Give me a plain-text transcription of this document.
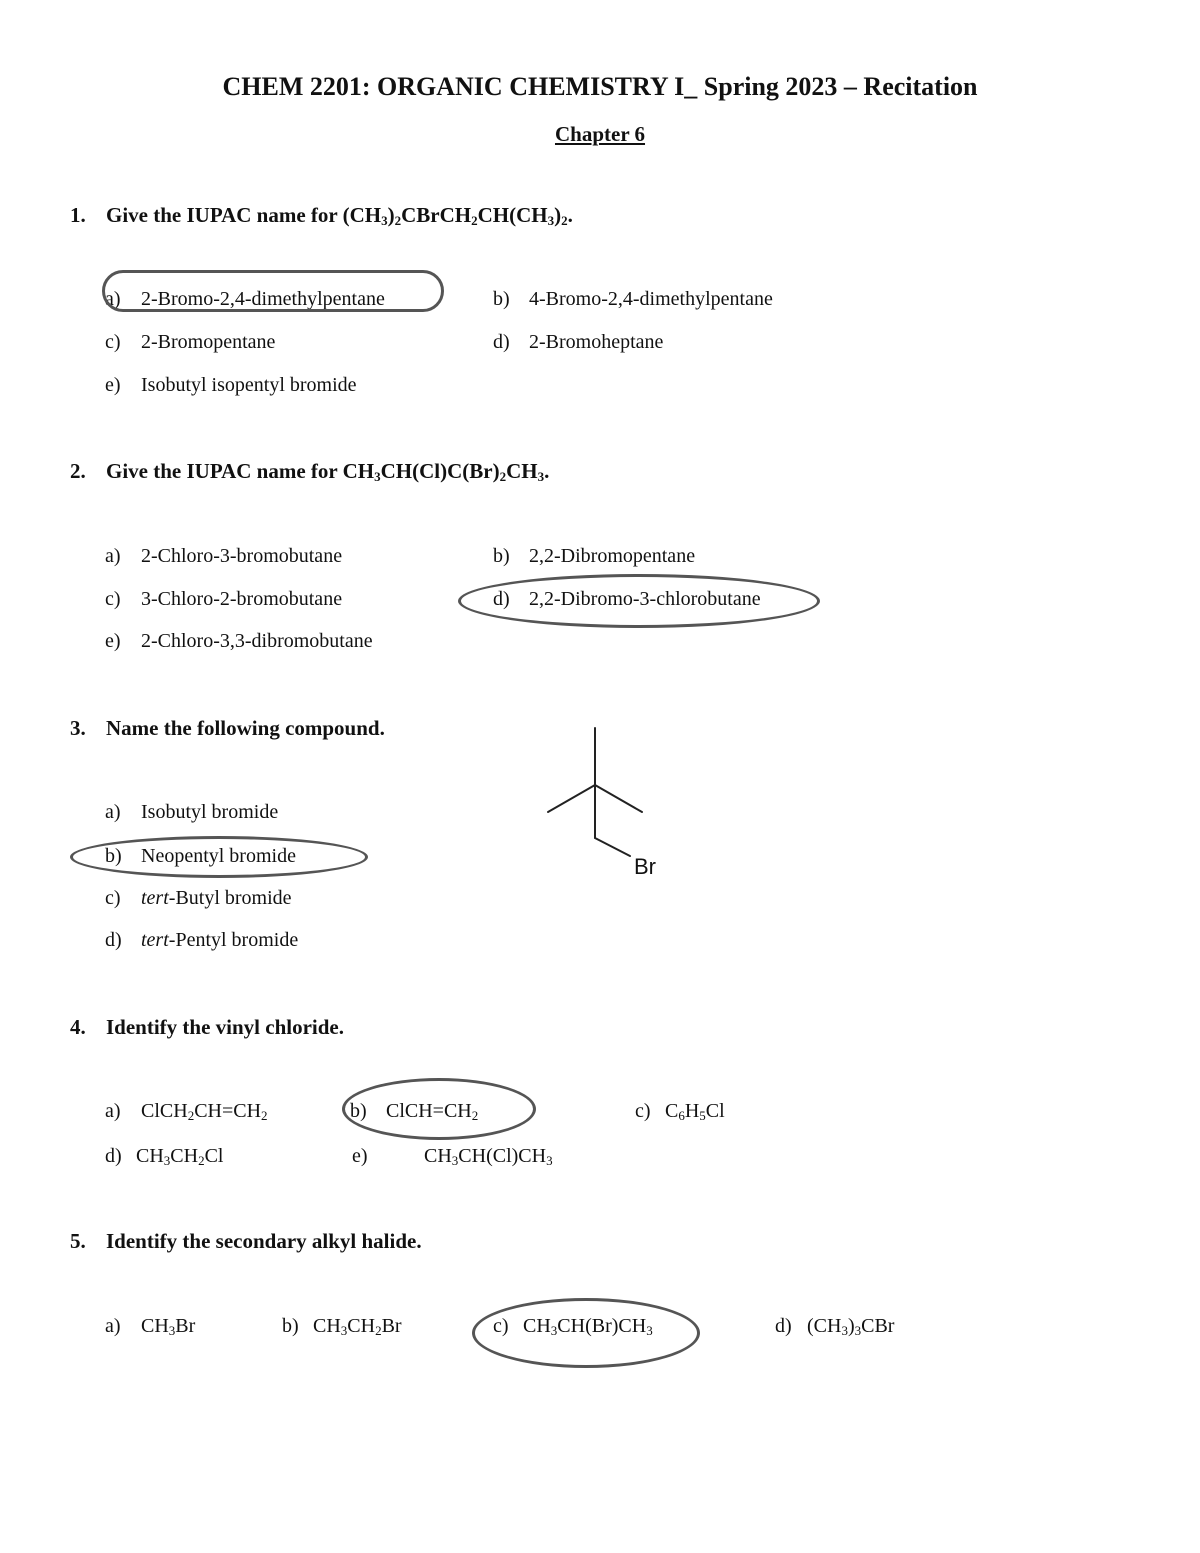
CHEM 2201: ORGANIC CHEMISTRY I_ Spring 2023 – Recitation
Chapter 6
1. Give the IUPAC name for $(CH_3)_2CBrCH_2CH(CH_3)_2$.
a) 2-Bromo-2,4-dimethylpentane	b) 4-Bromo-2,4-dimethylpentane
c) 2-Bromopentane	d) 2-Bromoheptane
e) Isobutyl isopentyl bromide
2. Give the IUPAC name for $CH_3CH(Cl)C(Br)_2CH_3$.
a) 2-Chloro-3-bromobutane	b) 2,2-Dibromopentane
c) 3-Chloro-2-bromobutane	d) 2,2-Dibromo-3-chlorobutane
e) 2-Chloro-3,3-dibromobutane
3. Name the following compound.
Br
a) Isobutyl bromide
b) Neopentyl bromide
c) tert-Butyl bromide
d) tert-Pentyl bromide
4. Identify the vinyl chloride.
a) $ClCH_2CH=CH_2$	b) $ClCH=CH_2$	c) $C_6H_5Cl$
d) $CH_3CH_2Cl$	e)	$CH_3CH(Cl)CH_3$
5. Identify the secondary alkyl halide.
a) $CH_3Br$	b) $CH_3CH_2Br$	c) $CH_3CH(Br)CH_3$	d) $(CH_3)_3CBr$
